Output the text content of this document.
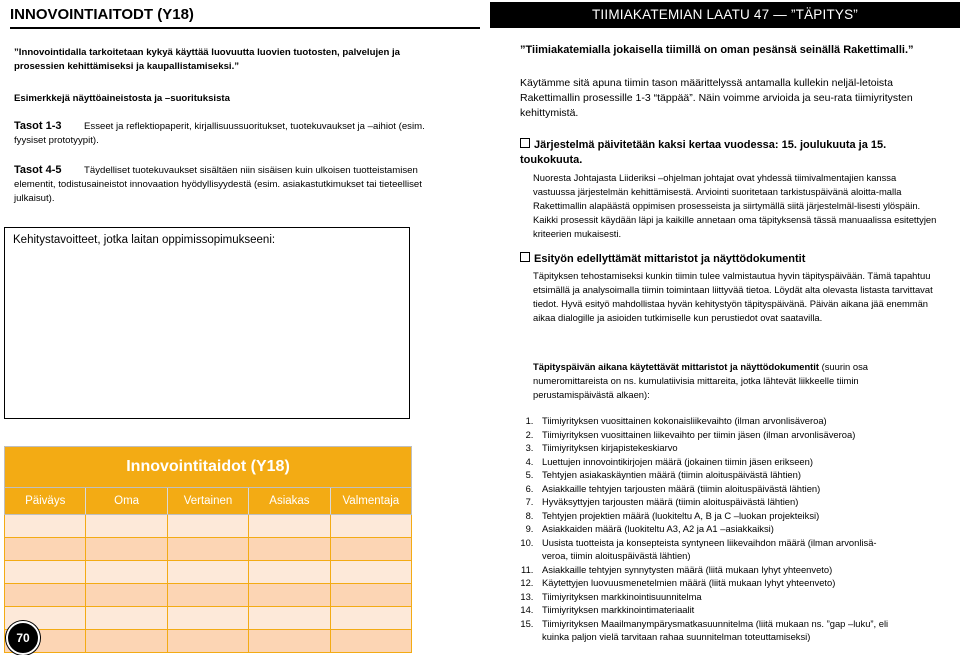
INNOVOINTIAITODT (Y18)
”Innovointidalla tarkoitetaan kykyä käyttää luovuutta luovien tuotosten, palvelujen ja prosessien kehittämiseksi ja kaupallistamiseksi.”
Esimerkkejä näyttöaineistosta ja –suorituksista
Tasot 1-3 Esseet ja reflektiopaperit, kirjallisuussuoritukset, tuotekuvaukset ja –aihiot (esim. fyysiset prototyypit).
Tasot 4-5 Täydelliset tuotekuvaukset sisältäen niin sisäisen kuin ulkoisen tuotteistamisen elementit, todistusaineistot innovaation hyödyllisyydestä (esim. asiakastutkimukset tai tieteelliset julkaisut).
Kehitystavoitteet, jotka laitan oppimissopimukseeni:
Innovointitaidot (Y18)
Päiväys	Oma	Vertainen	Asiakas	Valmentaja
70
TIIMIAKATEMIAN LAATU 47 — ”TÄPITYS”
”Tiimiakatemialla jokaisella tiimillä on oman pesänsä seinällä Rakettimalli.”
Käytämme sitä apuna tiimin tason määrittelyssä antamalla kullekin neljäl-letoista Rakettimallin prosessille 1-3 “täppää”. Näin voimme arvioida ja seu-rata tiimiyritysten kehittymistä.
Järjestelmä päivitetään kaksi kertaa vuodessa: 15. joulukuuta ja 15. toukokuuta.
Nuoresta Johtajasta Liideriksi –ohjelman johtajat ovat yhdessä tiimivalmentajien kanssa vastuussa järjestelmän kehittämisestä. Arviointi suoritetaan tarkistuspäivänä aloitta-malla Rakettimallin alapäästä oppimisen prosesseista ja siirtymällä siitä järjestelmäl-lisesti ylöspäin. Kaikki prosessit käydään läpi ja kaikille annetaan oma täpityksensä tässä manuaalissa esitettyjen kriteerien mukaisesti.
Esityön edellyttämät mittaristot ja näyttödokumentit
Täpityksen tehostamiseksi kunkin tiimin tulee valmistautua hyvin täpityspäivään. Tämä tapahtuu etsimällä ja analysoimalla tiimin toimintaan liittyvää tietoa. Löydät alta olevasta listasta tarvittavat tiedot. Hyvä esityö mahdollistaa hyvän kehitystyön täpityspäivänä. Päivän aikana jää enemmän aikaa dialogille ja asioiden tutkimiselle kun perustiedot ovat saatavilla.
Täpityspäivän aikana käytettävät mittaristot ja näyttödokumentit (suurin osa numeromittareista on ns. kumulatiivisia mittareita, jotka lähtevät liikkeelle tiimin perustamispäivästä alkaen):
1. Tiimiyrityksen vuosittainen kokonaisliikevaihto (ilman arvonlisäveroa)
2. Tiimiyrityksen vuosittainen liikevaihto per tiimin jäsen (ilman arvonlisäveroa)
3. Tiimiyrityksen kirjapistekeskiarvo
4. Luettujen innovointikirjojen määrä (jokainen tiimin jäsen erikseen)
5. Tehtyjen asiakaskäyntien määrä (tiimin aloituspäivästä lähtien)
6. Asiakkaille tehtyjen tarjousten määrä (tiimin aloituspäivästä lähtien)
7. Hyväksyttyjen tarjousten määrä (tiimin aloituspäivästä lähtien)
8. Tehtyjen projektien määrä (luokiteltu A, B ja C –luokan projekteiksi)
9. Asiakkaiden määrä (luokiteltu A3, A2 ja A1 –asiakkaiksi)
10. Uusista tuotteista ja konsepteista syntyneen liikevaihdon määrä (ilman arvonlisä-veroa, tiimin aloituspäivästä lähtien)
11. Asiakkaille tehtyjen synnytysten määrä (liitä mukaan lyhyt yhteenveto)
12. Käytettyjen luovuusmenetelmien määrä (liitä mukaan lyhyt yhteenveto)
13. Tiimiyrityksen markkinointisuunnitelma
14. Tiimiyrityksen markkinointimateriaalit
15. Tiimiyrityksen Maailmanympärysmatkasuunnitelma (liitä mukaan ns. ”gap –luku”, eli kuinka paljon vielä tarvitaan rahaa suunnitelman toteuttamiseksi)
